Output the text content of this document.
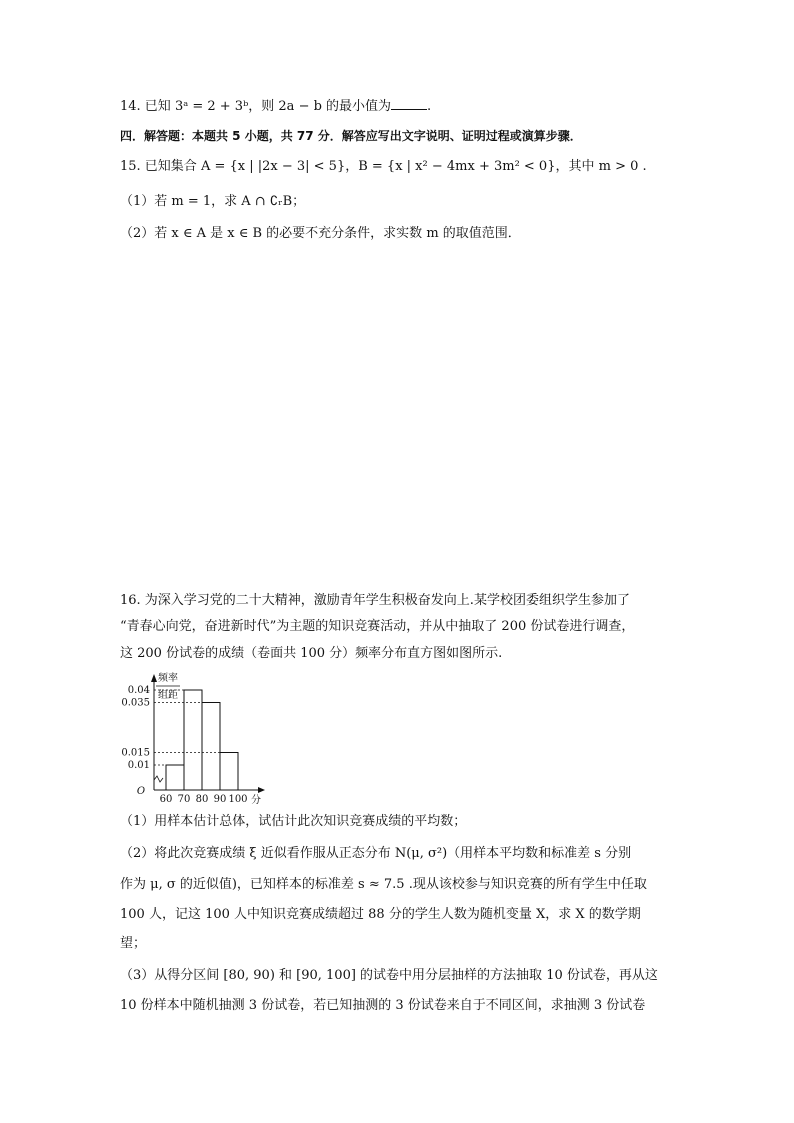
14. 已知 3ᵃ = 2 + 3ᵇ，则 2a − b 的最小值为	.
四．解答题：本题共 5 小题，共 77 分．解答应写出文字说明、证明过程或演算步骤．
15. 已知集合 A = {x | |2x − 3| < 5}，B = {x | x² − 4mx + 3m² < 0}，其中 m > 0 .
（1）若 m = 1，求 A ∩ ∁ᵣB；
（2）若 x ∈ A 是 x ∈ B 的必要不充分条件，求实数 m 的取值范围．
16. 为深入学习党的二十大精神，激励青年学生积极奋发向上.某学校团委组织学生参加了
“青春心向党，奋进新时代”为主题的知识竞赛活动，并从中抽取了 200 份试卷进行调查，
这 200 份试卷的成绩（卷面共 100 分）频率分布直方图如图所示.
频率
组距
O
分
0.04
0.035
0.015
0.01
60 70 80 90 100
（1）用样本估计总体，试估计此次知识竞赛成绩的平均数；
（2）将此次竞赛成绩 ξ 近似看作服从正态分布 N(μ, σ²)（用样本平均数和标准差 s 分别
作为 μ, σ 的近似值)，已知样本的标准差 s ≈ 7.5 .现从该校参与知识竞赛的所有学生中任取
100 人，记这 100 人中知识竞赛成绩超过 88 分的学生人数为随机变量 X，求 X 的数学期
望；
（3）从得分区间 [80, 90) 和 [90, 100] 的试卷中用分层抽样的方法抽取 10 份试卷，再从这
10 份样本中随机抽测 3 份试卷，若已知抽测的 3 份试卷来自于不同区间，求抽测 3 份试卷
